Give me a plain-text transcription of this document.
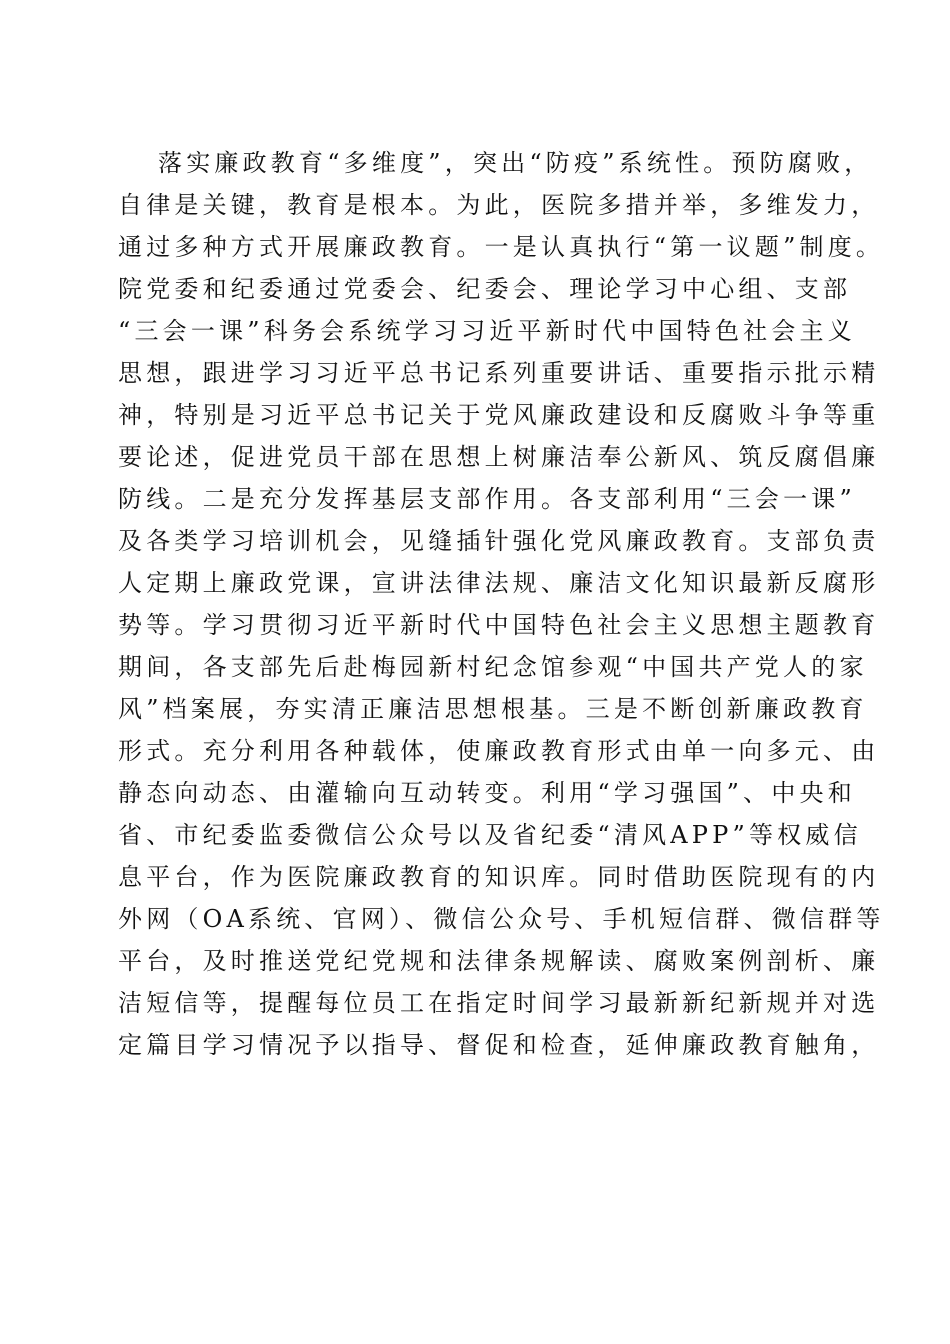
落实廉政教育“多维度”，突出“防疫”系统性。预防腐败，
自律是关键，教育是根本。为此，医院多措并举，多维发力，
通过多种方式开展廉政教育。一是认真执行“第一议题”制度。
院党委和纪委通过党委会、纪委会、理论学习中心组、支部
“三会一课”科务会系统学习习近平新时代中国特色社会主义
思想，跟进学习习近平总书记系列重要讲话、重要指示批示精
神，特别是习近平总书记关于党风廉政建设和反腐败斗争等重
要论述，促进党员干部在思想上树廉洁奉公新风、筑反腐倡廉
防线。二是充分发挥基层支部作用。各支部利用“三会一课”
及各类学习培训机会，见缝插针强化党风廉政教育。支部负责
人定期上廉政党课，宣讲法律法规、廉洁文化知识最新反腐形
势等。学习贯彻习近平新时代中国特色社会主义思想主题教育
期间，各支部先后赴梅园新村纪念馆参观“中国共产党人的家
风”档案展，夯实清正廉洁思想根基。三是不断创新廉政教育
形式。充分利用各种载体，使廉政教育形式由单一向多元、由
静态向动态、由灌输向互动转变。利用“学习强国”、中央和
省、市纪委监委微信公众号以及省纪委“清风APP”等权威信
息平台，作为医院廉政教育的知识库。同时借助医院现有的内
外网（OA系统、官网）、微信公众号、手机短信群、微信群等
平台，及时推送党纪党规和法律条规解读、腐败案例剖析、廉
洁短信等，提醒每位员工在指定时间学习最新新纪新规并对选
定篇目学习情况予以指导、督促和检查，延伸廉政教育触角，
